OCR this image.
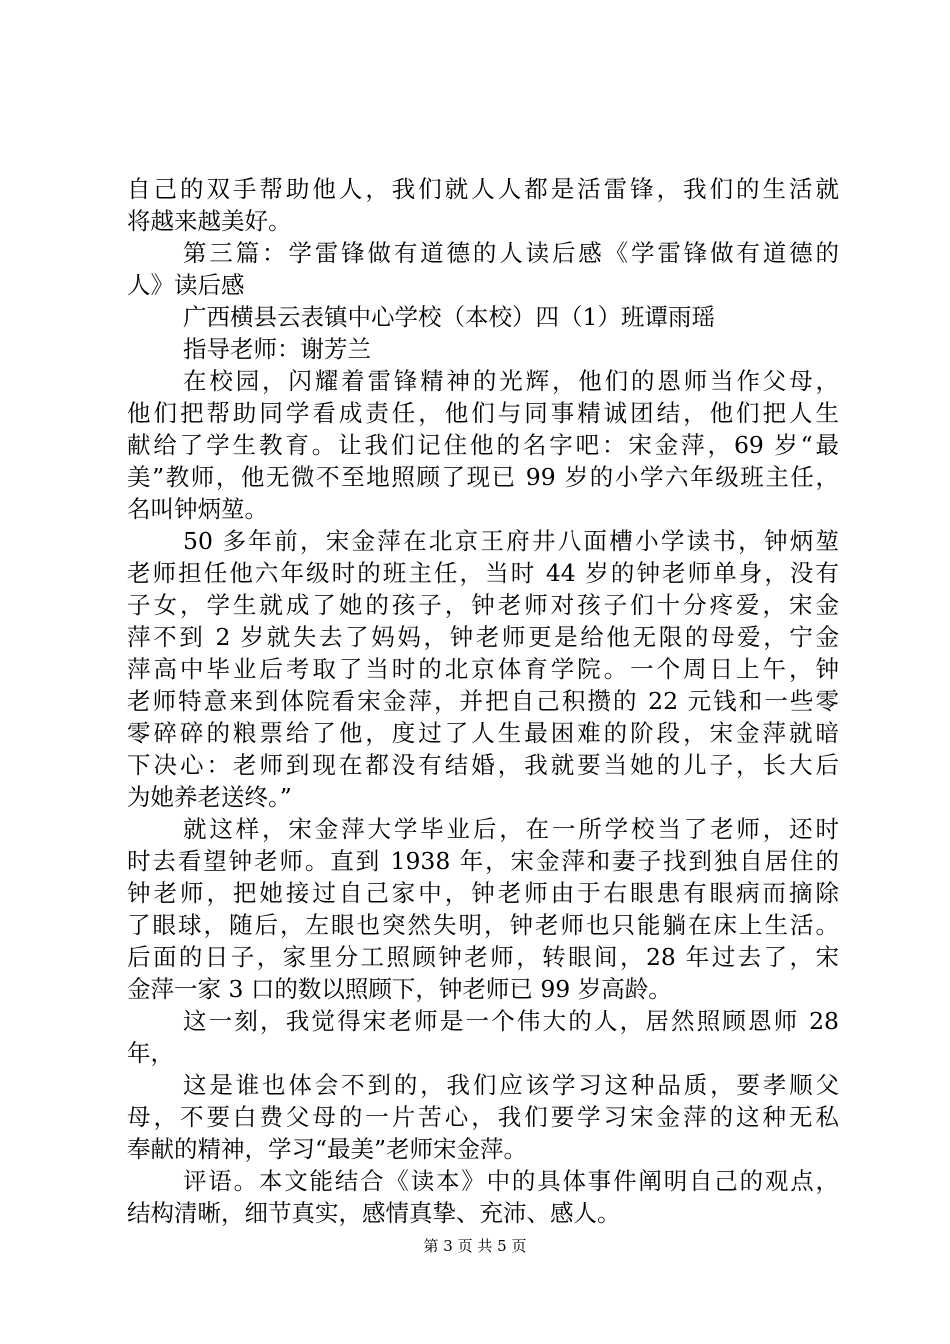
自己的双手帮助他人，我们就人人都是活雷锋，我们的生活就
将越来越美好。
第三篇：学雷锋做有道德的人读后感《学雷锋做有道德的
人》读后感
广西横县云表镇中心学校（本校）四（1）班谭雨瑶
指导老师：谢芳兰
在校园，闪耀着雷锋精神的光辉，他们的恩师当作父母，
他们把帮助同学看成责任，他们与同事精诚团结，他们把人生
献给了学生教育。让我们记住他的名字吧：宋金萍，69 岁“最
美”教师，他无微不至地照顾了现已 99 岁的小学六年级班主任，
名叫钟炳堃。
50 多年前，宋金萍在北京王府井八面槽小学读书，钟炳堃
老师担任他六年级时的班主任，当时 44 岁的钟老师单身，没有
子女，学生就成了她的孩子，钟老师对孩子们十分疼爱，宋金
萍不到 2 岁就失去了妈妈，钟老师更是给他无限的母爱，宁金
萍高中毕业后考取了当时的北京体育学院。一个周日上午，钟
老师特意来到体院看宋金萍，并把自己积攒的 22 元钱和一些零
零碎碎的粮票给了他，度过了人生最困难的阶段，宋金萍就暗
下决心：老师到现在都没有结婚，我就要当她的儿子，长大后
为她养老送终。”
就这样，宋金萍大学毕业后，在一所学校当了老师，还时
时去看望钟老师。直到 1938 年，宋金萍和妻子找到独自居住的
钟老师，把她接过自己家中，钟老师由于右眼患有眼病而摘除
了眼球，随后，左眼也突然失明，钟老师也只能躺在床上生活。
后面的日子，家里分工照顾钟老师，转眼间，28 年过去了，宋
金萍一家 3 口的数以照顾下，钟老师已 99 岁高龄。
这一刻，我觉得宋老师是一个伟大的人，居然照顾恩师 28
年，
这是谁也体会不到的，我们应该学习这种品质，要孝顺父
母，不要白费父母的一片苦心，我们要学习宋金萍的这种无私
奉献的精神，学习“最美”老师宋金萍。
评语。本文能结合《读本》中的具体事件阐明自己的观点，
结构清晰，细节真实，感情真挚、充沛、感人。
第 3 页 共 5 页
